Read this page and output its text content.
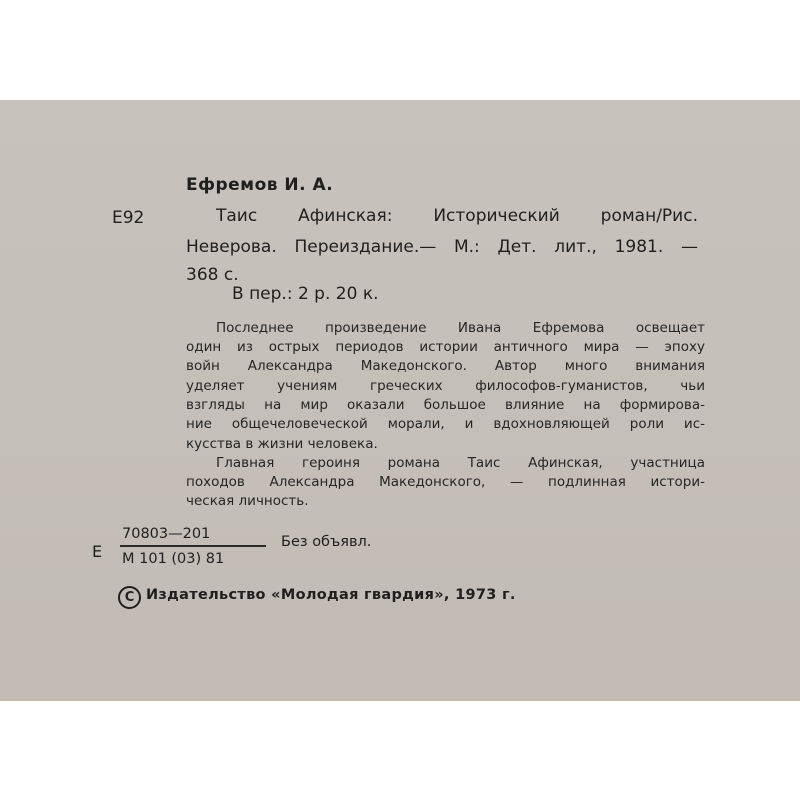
Ефремов И. А.
Е92	Таис Афинская: Исторический роман/Рис.
Неверова. Переиздание.— М.: Дет. лит., 1981. —
368 с.
В пер.: 2 р. 20 к.
Последнее произведение Ивана Ефремова освещает
один из острых периодов истории античного мира — эпоху
войн Александра Македонского. Автор много внимания
уделяет учениям греческих философов-гуманистов, чьи
взгляды на мир оказали большое влияние на формирова-
ние общечеловеческой морали, и вдохновляющей роли ис-
кусства в жизни человека.
Главная героиня романа Таис Афинская, участница
походов Александра Македонского, — подлинная истори-
ческая личность.
Е
70803—201
М 101 (03) 81
Без объявл.
С Издательство «Молодая гвардия», 1973 г.
